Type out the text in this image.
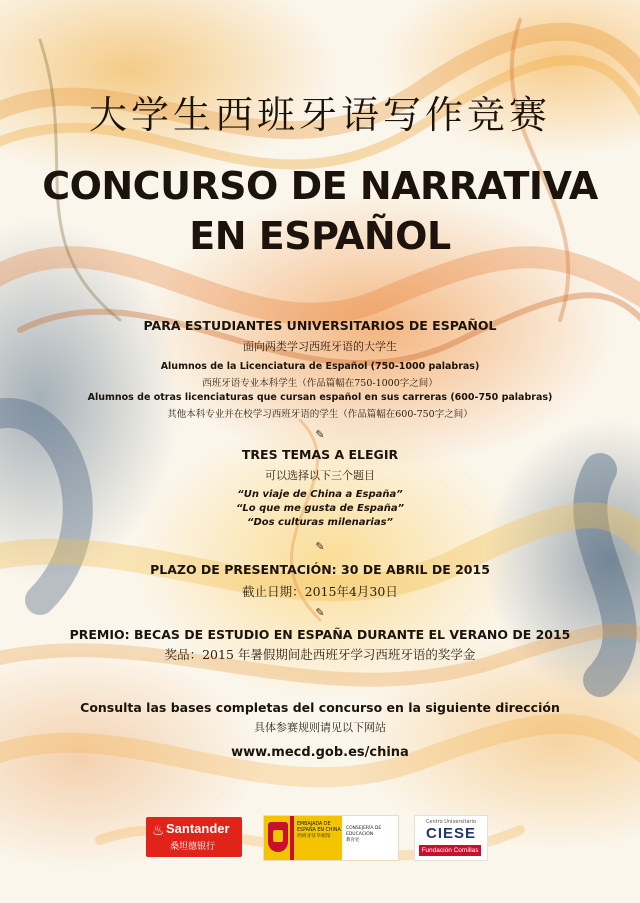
大学生西班牙语写作竞赛
CONCURSO DE NARRATIVA
EN ESPAÑOL
PARA ESTUDIANTES UNIVERSITARIOS DE ESPAÑOL
面向两类学习西班牙语的大学生
Alumnos de la Licenciatura de Español (750-1000 palabras)
西班牙语专业本科学生（作品篇幅在750-1000字之间）
Alumnos de otras licenciaturas que cursan español en sus carreras (600-750 palabras)
其他本科专业并在校学习西班牙语的学生（作品篇幅在600-750字之间）
✎
TRES TEMAS A ELEGIR
可以选择以下三个题目
“Un viaje de China a España”
“Lo que me gusta de España”
“Dos culturas milenarias”
✎
PLAZO DE PRESENTACIÓN: 30 DE ABRIL DE 2015
截止日期：2015年4月30日
✎
PREMIO: BECAS DE ESTUDIO EN ESPAÑA DURANTE EL VERANO DE 2015
奖品：2015 年暑假期间赴西班牙学习西班牙语的奖学金
Consulta las bases completas del concurso en la siguiente dirección
具体参赛规则请见以下网站
www.mecd.gob.es/china
♨ Santander
桑坦德银行
EMBAJADA DE ESPAÑA EN CHINA
西班牙驻华使馆
CONSEJERÍA DE EDUCACIÓN
教育处
Centro Universitario
CIESE
Fundación Comillas
